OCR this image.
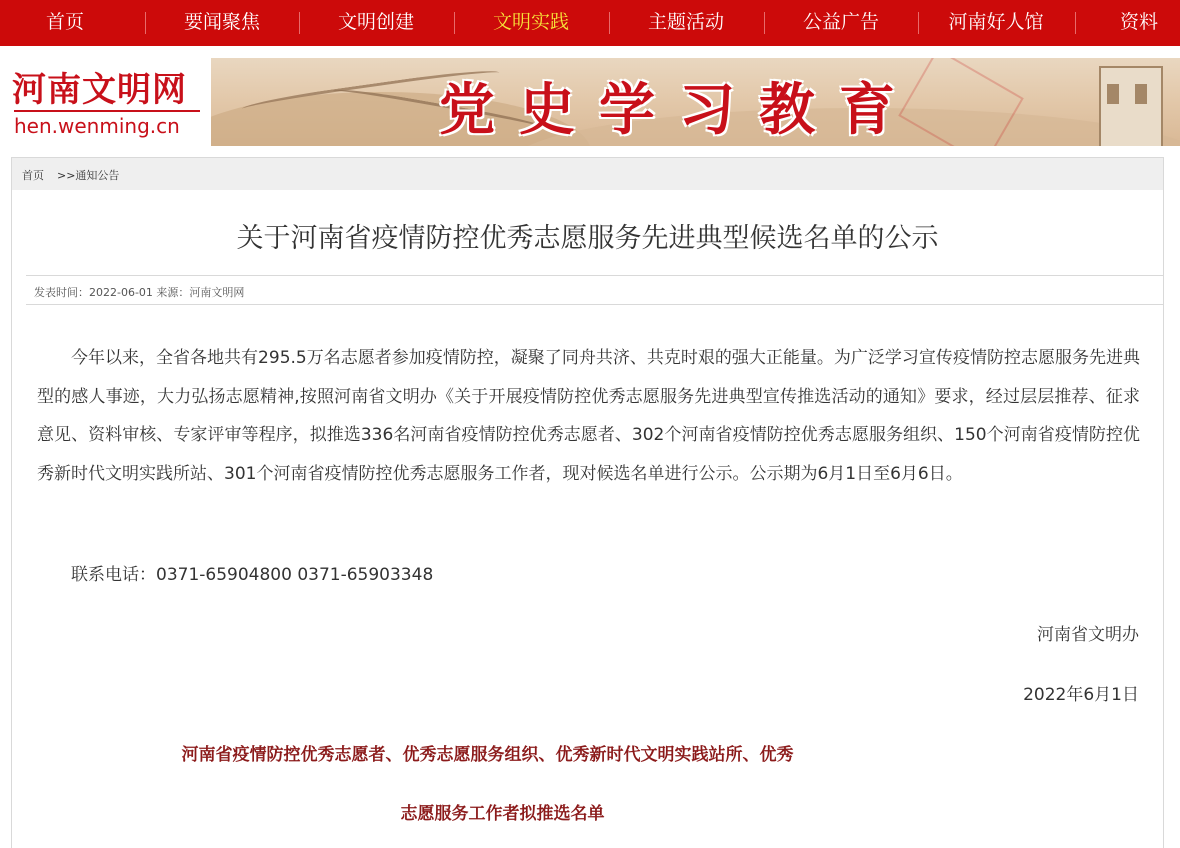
首页	要闻聚焦	文明创建	文明实践	主题活动	公益广告	河南好人馆	资料
河南文明网
hen.wenming.cn	党史学习教育
首页 >>通知公告
关于河南省疫情防控优秀志愿服务先进典型候选名单的公示
发表时间：2022-06-01 来源：河南文明网

今年以来，全省各地共有295.5万名志愿者参加疫情防控，凝聚了同舟共济、共克时艰的强大正能量。为广泛学习宣传疫情防控志愿服务先进典型的感人事迹，大力弘扬志愿精神,按照河南省文明办《关于开展疫情防控优秀志愿服务先进典型宣传推选活动的通知》要求，经过层层推荐、征求意见、资料审核、专家评审等程序，拟推选336名河南省疫情防控优秀志愿者、302个河南省疫情防控优秀志愿服务组织、150个河南省疫情防控优秀新时代文明实践所站、301个河南省疫情防控优秀志愿服务工作者，现对候选名单进行公示。公示期为6月1日至6月6日。

联系电话：0371-65904800 0371-65903348
河南省文明办
2022年6月1日
河南省疫情防控优秀志愿者、优秀志愿服务组织、优秀新时代文明实践站所、优秀
志愿服务工作者拟推选名单
